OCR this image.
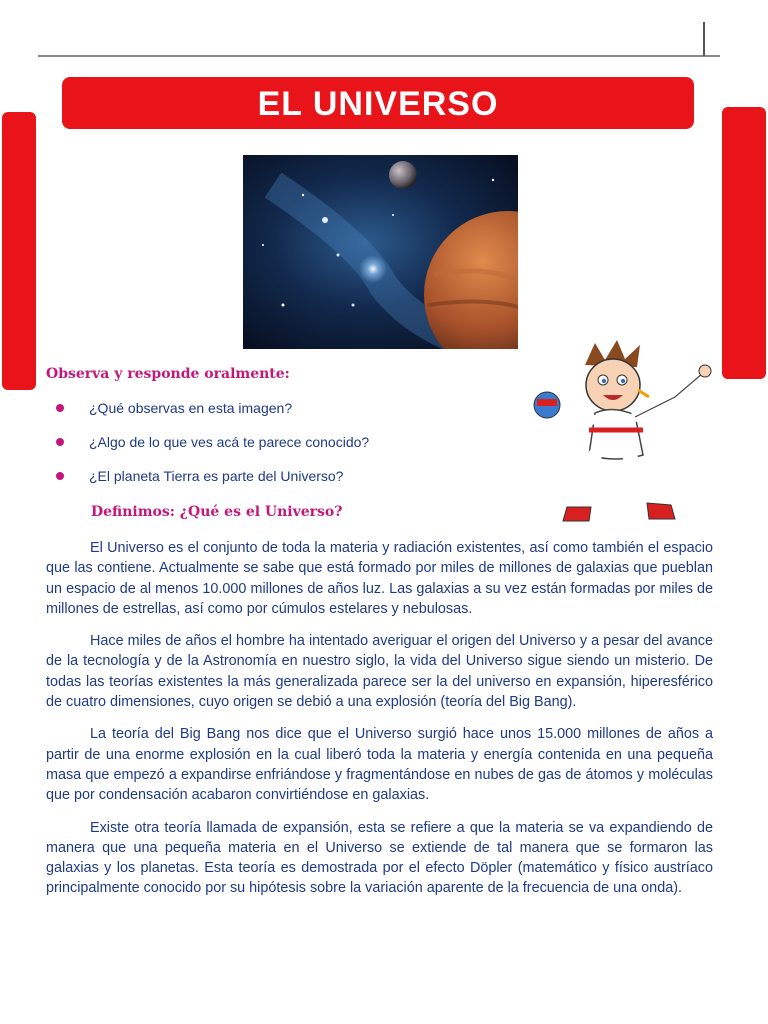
EL UNIVERSO
Observa y responde oralmente:
¿Qué observas en esta imagen?
¿Algo de lo que ves acá te parece conocido?
¿El planeta Tierra es parte del Universo?
Definimos: ¿Qué es el Universo?

El Universo es el conjunto de toda la materia y radiación existentes, así como también el espacio que las contiene. Actualmente se sabe que está formado por miles de millones de galaxias que pueblan un espacio de al menos 10.000 millones de años luz. Las galaxias a su vez están formadas por miles de millones de estrellas, así como por cúmulos estelares y nebulosas.

Hace miles de años el hombre ha intentado averiguar el origen del Universo y a pesar del avance de la tecnología y de la Astronomía en nuestro siglo, la vida del Universo sigue siendo un misterio. De todas las teorías existentes la más generalizada parece ser la del universo en expansión, hiperesférico de cuatro dimensiones, cuyo origen se debió a una explosión (teoría del Big Bang).

La teoría del Big Bang nos dice que el Universo surgió hace unos 15.000 millones de años a partir de una enorme explosión en la cual liberó toda la materia y energía contenida en una pequeña masa que empezó a expandirse enfriándose y fragmentándose en nubes de gas de átomos y moléculas que por condensación acabaron convirtiéndose en galaxias.

Existe otra teoría llamada de expansión, esta se refiere a que la materia se va expandiendo de manera que una pequeña materia en el Universo se extiende de tal manera que se formaron las galaxias y los planetas. Esta teoría es demostrada por el efecto Döpler (matemático y físico austríaco principalmente conocido por su hipótesis sobre la variación aparente de la frecuencia de una onda).
